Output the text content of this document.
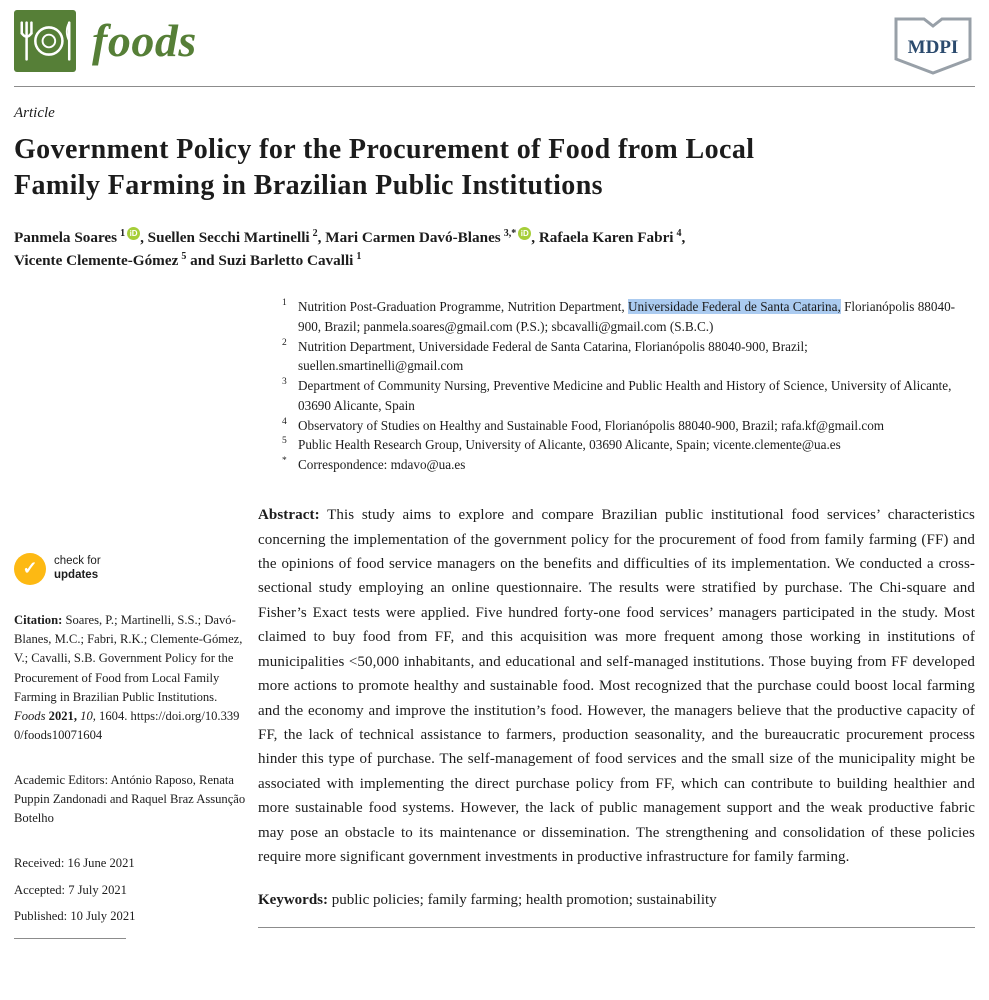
foods	MDPI
Article
Government Policy for the Procurement of Food from Local
Family Farming in Brazilian Public Institutions

Panmela Soares $^1$ iD , Suellen Secchi Martinelli $^2$, Mari Carmen Davó-Blanes $^{3,*}$ iD , Rafaela Karen Fabri $^4$,
Vicente Clemente-Gómez $^5$ and Suzi Barletto Cavalli $^1$

1 Nutrition Post-Graduation Programme, Nutrition Department, Universidade Federal de Santa Catarina, Florianópolis 88040-900, Brazil; panmela.soares@gmail.com (P.S.); sbcavalli@gmail.com (S.B.C.)
2 Nutrition Department, Universidade Federal de Santa Catarina, Florianópolis 88040-900, Brazil; suellen.smartinelli@gmail.com
3 Department of Community Nursing, Preventive Medicine and Public Health and History of Science, University of Alicante, 03690 Alicante, Spain
4 Observatory of Studies on Healthy and Sustainable Food, Florianópolis 88040-900, Brazil; rafa.kf@gmail.com
5 Public Health Research Group, University of Alicante, 03690 Alicante, Spain; vicente.clemente@ua.es
* Correspondence: mdavo@ua.es
✓	check for
updates

Citation: Soares, P.; Martinelli, S.S.; Davó-Blanes, M.C.; Fabri, R.K.; Clemente-Gómez, V.; Cavalli, S.B. Government Policy for the Procurement of Food from Local Family Farming in Brazilian Public Institutions. Foods 2021, 10, 1604. https://doi.org/10.3390/foods10071604

Academic Editors: António Raposo, Renata Puppin Zandonadi and Raquel Braz Assunção Botelho

Received: 16 June 2021

Accepted: 7 July 2021

Published: 10 July 2021

Abstract: This study aims to explore and compare Brazilian public institutional food services’ characteristics concerning the implementation of the government policy for the procurement of food from family farming (FF) and the opinions of food service managers on the benefits and difficulties of its implementation. We conducted a cross-sectional study employing an online questionnaire. The results were stratified by purchase. The Chi-square and Fisher’s Exact tests were applied. Five hundred forty-one food services’ managers participated in the study. Most claimed to buy food from FF, and this acquisition was more frequent among those working in institutions of municipalities <50,000 inhabitants, and educational and self-managed institutions. Those buying from FF developed more actions to promote healthy and sustainable food. Most recognized that the purchase could boost local farming and the economy and improve the institution’s food. However, the managers believe that the productive capacity of FF, the lack of technical assistance to farmers, production seasonality, and the bureaucratic procurement process hinder this type of purchase. The self-management of food services and the small size of the municipality might be associated with implementing the direct purchase policy from FF, which can contribute to building healthier and more sustainable food systems. However, the lack of public management support and the weak productive fabric may pose an obstacle to its maintenance or dissemination. The strengthening and consolidation of these policies require more significant government investments in productive infrastructure for family farming.

Keywords: public policies; family farming; health promotion; sustainability
